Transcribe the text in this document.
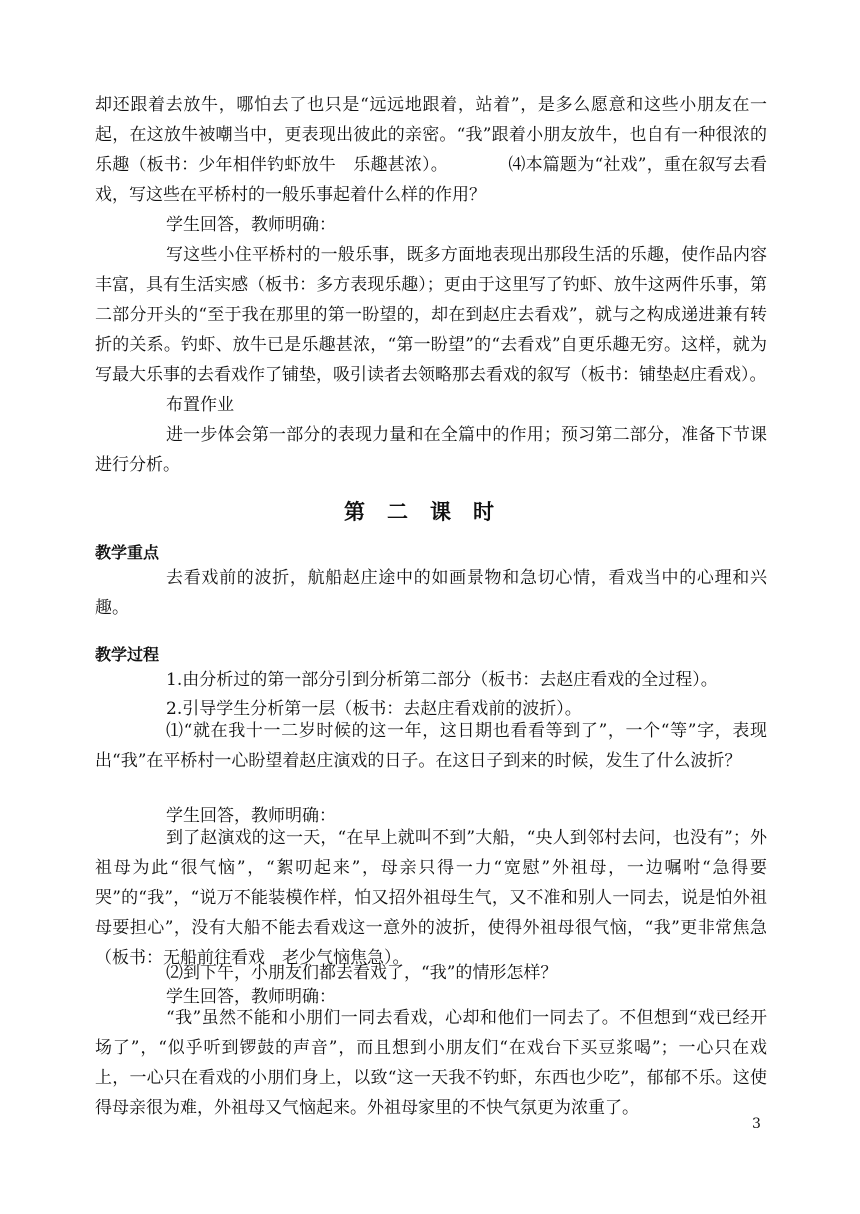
却还跟着去放牛，哪怕去了也只是“远远地跟着，站着”，是多么愿意和这些小朋友在一起，在这放牛被嘲当中，更表现出彼此的亲密。“我”跟着小朋友放牛，也自有一种很浓的乐趣（板书：少年相伴钓虾放牛　乐趣甚浓）。　　　　⑷本篇题为“社戏”，重在叙写去看戏，写这些在平桥村的一般乐事起着什么样的作用？

学生回答，教师明确：

写这些小住平桥村的一般乐事，既多方面地表现出那段生活的乐趣，使作品内容丰富，具有生活实感（板书：多方表现乐趣）；更由于这里写了钓虾、放牛这两件乐事，第二部分开头的“至于我在那里的第一盼望的，却在到赵庄去看戏”，就与之构成递进兼有转折的关系。钓虾、放牛已是乐趣甚浓，“第一盼望”的“去看戏”自更乐趣无穷。这样，就为写最大乐事的去看戏作了铺垫，吸引读者去领略那去看戏的叙写（板书：铺垫赵庄看戏）。

布置作业

进一步体会第一部分的表现力量和在全篇中的作用；预习第二部分，准备下节课进行分析。

第二课时
教学重点

去看戏前的波折，航船赵庄途中的如画景物和急切心情，看戏当中的心理和兴趣。

教学过程

1.由分析过的第一部分引到分析第二部分（板书：去赵庄看戏的全过程）。

2.引导学生分析第一层（板书：去赵庄看戏前的波折）。

⑴“就在我十一二岁时候的这一年，这日期也看看等到了”，一个“等”字，表现出“我”在平桥村一心盼望着赵庄演戏的日子。在这日子到来的时候，发生了什么波折？

学生回答，教师明确：

到了赵演戏的这一天，“在早上就叫不到”大船，“央人到邻村去问，也没有”；外祖母为此“很气恼”，“絮叨起来”，母亲只得一力“宽慰”外祖母，一边嘱咐“急得要哭”的“我”，“说万不能装模作样，怕又招外祖母生气，又不准和别人一同去，说是怕外祖母要担心”，没有大船不能去看戏这一意外的波折，使得外祖母很气恼，“我”更非常焦急（板书：无船前往看戏　老少气恼焦急）。

⑵到下午，小朋友们都去看戏了，“我”的情形怎样？

学生回答，教师明确：

“我”虽然不能和小朋们一同去看戏，心却和他们一同去了。不但想到“戏已经开场了”，“似乎听到锣鼓的声音”，而且想到小朋友们“在戏台下买豆浆喝”；一心只在戏上，一心只在看戏的小朋们身上，以致“这一天我不钓虾，东西也少吃”，郁郁不乐。这使得母亲很为难，外祖母又气恼起来。外祖母家里的不快气氛更为浓重了。

3
